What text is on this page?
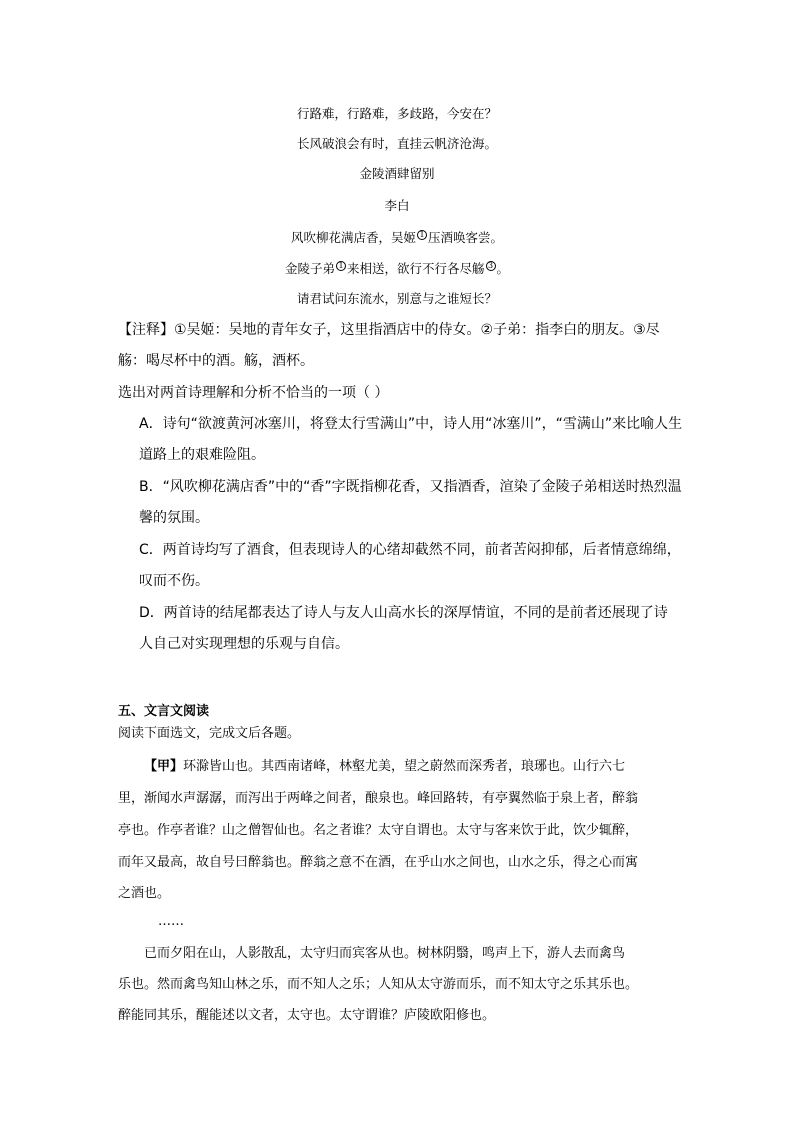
行路难，行路难，多歧路，今安在？
长风破浪会有时，直挂云帆济沧海。
金陵酒肆留别
李白
风吹柳花满店香，吴姬 1 压酒唤客尝。
金陵子弟 1 来相送，欲行不行各尽觞 3 。
请君试问东流水，别意与之谁短长？
【注释】①吴姬：吴地的青年女子，这里指酒店中的侍女。②子弟：指李白的朋友。③尽
觞：喝尽杯中的酒。觞，酒杯。
选出对两首诗理解和分析不恰当的一项（ ）
A．诗句“欲渡黄河冰塞川，将登太行雪满山”中，诗人用“冰塞川”，“雪满山”来比喻人生
道路上的艰难险阻。
B．“风吹柳花满店香”中的“香”字既指柳花香，又指酒香，渲染了金陵子弟相送时热烈温
馨的氛围。
C．两首诗均写了酒食，但表现诗人的心绪却截然不同，前者苦闷抑郁，后者情意绵绵，
叹而不伤。
D．两首诗的结尾都表达了诗人与友人山高水长的深厚情谊，不同的是前者还展现了诗
人自己对实现理想的乐观与自信。
五、文言文阅读
阅读下面选文，完成文后各题。
【甲】环滁皆山也。其西南诸峰，林壑尤美，望之蔚然而深秀者，琅琊也。山行六七
里，渐闻水声潺潺，而泻出于两峰之间者，酿泉也。峰回路转，有亭翼然临于泉上者，醉翁
亭也。作亭者谁？山之僧智仙也。名之者谁？太守自谓也。太守与客来饮于此，饮少辄醉，
而年又最高，故自号曰醉翁也。醉翁之意不在酒，在乎山水之间也，山水之乐，得之心而寓
之酒也。
……
已而夕阳在山，人影散乱，太守归而宾客从也。树林阴翳，鸣声上下，游人去而禽鸟
乐也。然而禽鸟知山林之乐，而不知人之乐；人知从太守游而乐，而不知太守之乐其乐也。
醉能同其乐，醒能述以文者，太守也。太守谓谁？庐陵欧阳修也。
